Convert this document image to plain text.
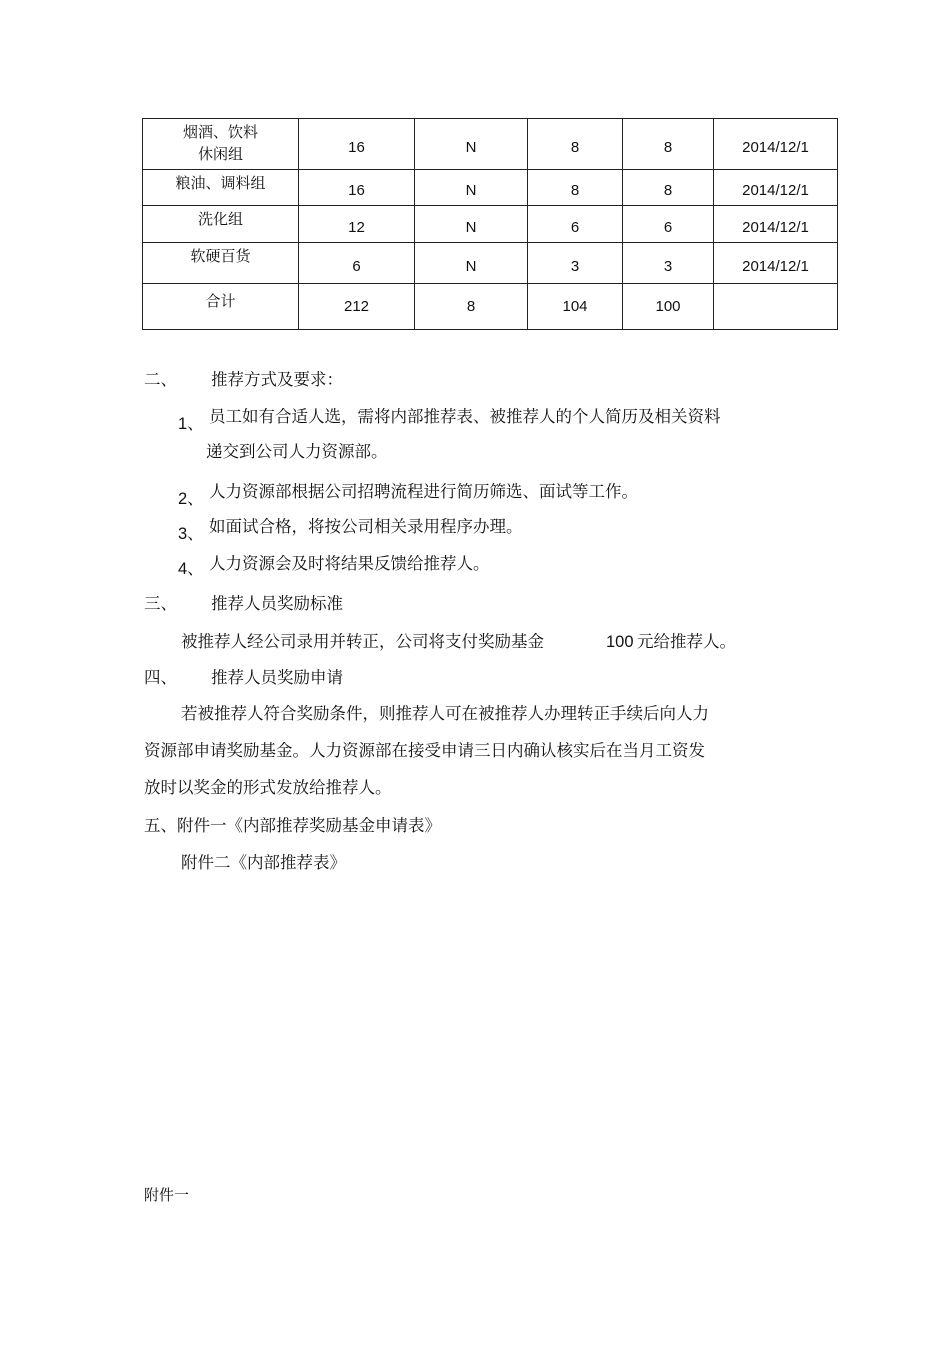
烟酒、饮料
休闲组	16	N	8	8	2014/12/1
粮油、调料组	16	N	8	8	2014/12/1
洗化组	12	N	6	6	2014/12/1
软硬百货	6	N	3	3	2014/12/1
合计	212	8	104	100	
二、 推荐方式及要求：
1、 员工如有合适人选，需将内部推荐表、被推荐人的个人简历及相关资料
递交到公司人力资源部。
2、 人力资源部根据公司招聘流程进行简历筛选、面试等工作。
3、 如面试合格，将按公司相关录用程序办理。
4、 人力资源会及时将结果反馈给推荐人。
三、 推荐人员奖励标准
被推荐人经公司录用并转正，公司将支付奖励基金	100 元给推荐人。
四、 推荐人员奖励申请
若被推荐人符合奖励条件，则推荐人可在被推荐人办理转正手续后向人力
资源部申请奖励基金。人力资源部在接受申请三日内确认核实后在当月工资发
放时以奖金的形式发放给推荐人。
五、附件一《内部推荐奖励基金申请表》
附件二《内部推荐表》
附件一
